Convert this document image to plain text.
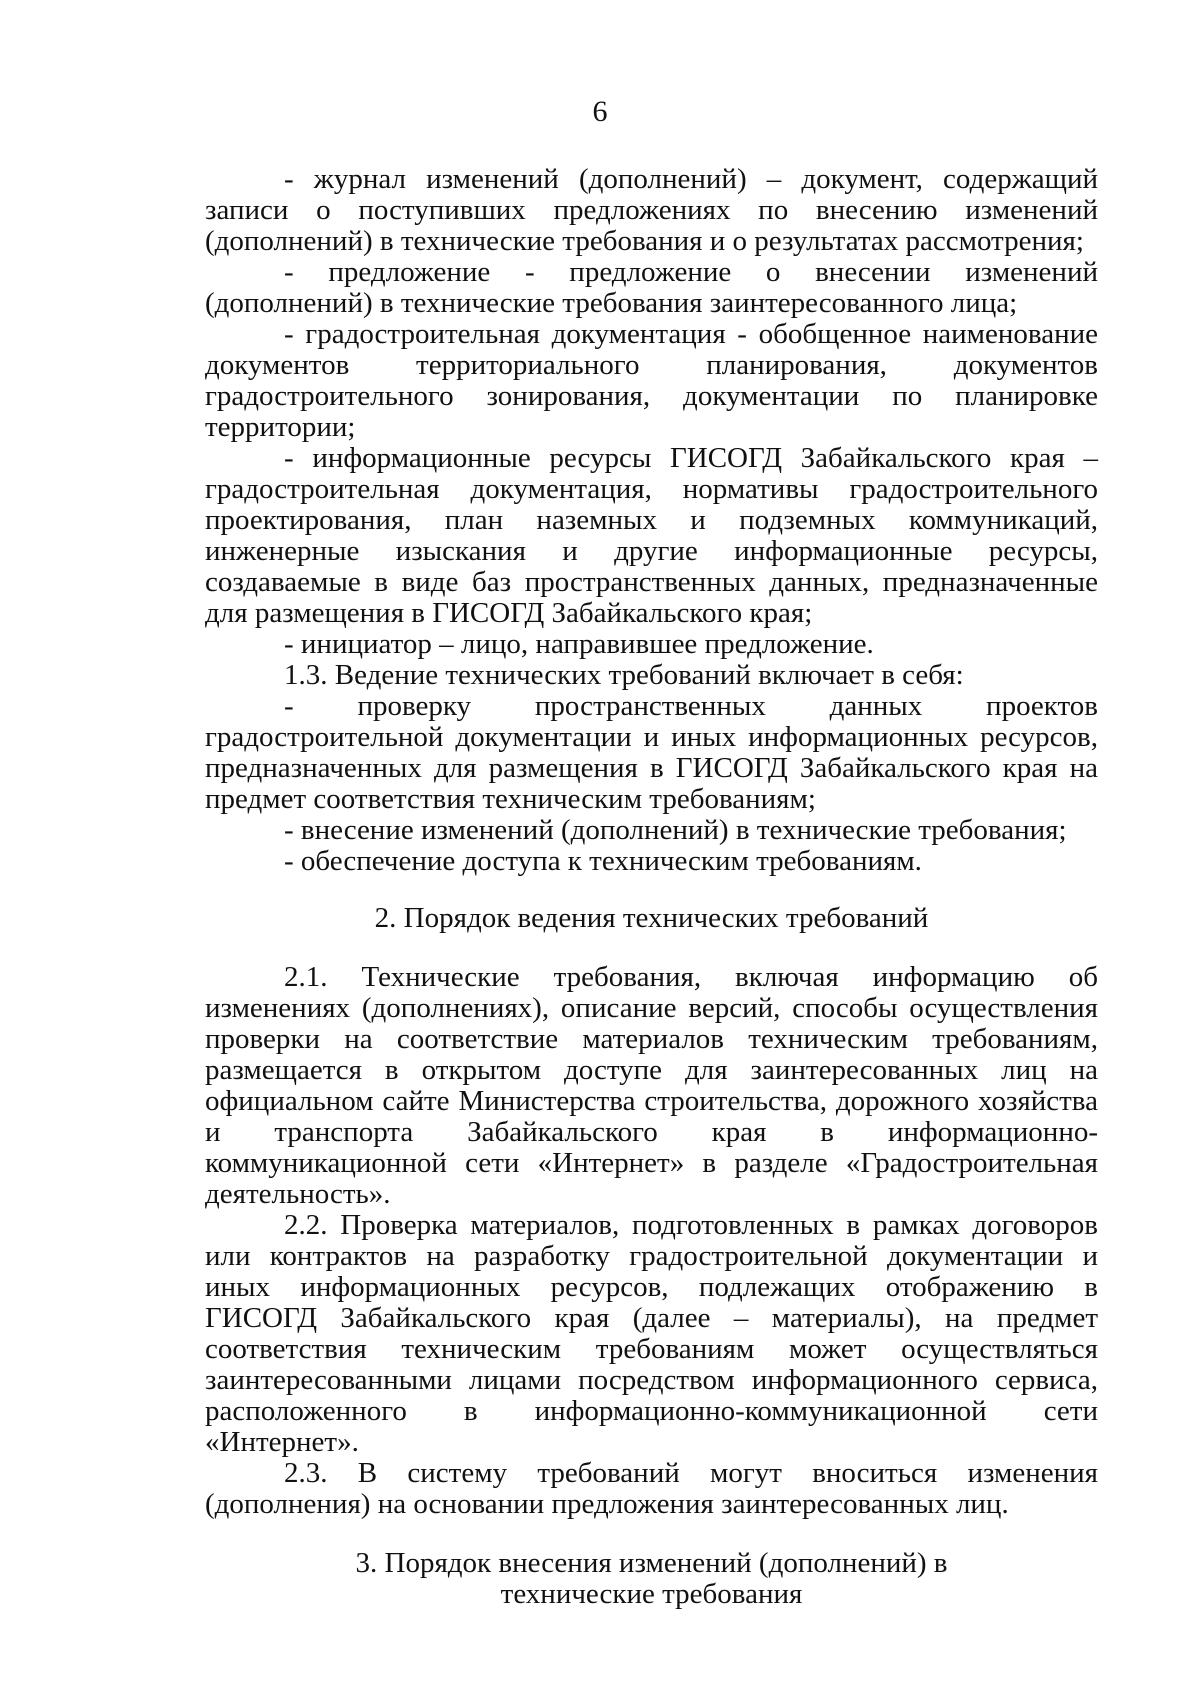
6

- журнал изменений (дополнений) – документ, содержащий записи о поступивших предложениях по внесению изменений (дополнений) в технические требования и о результатах рассмотрения;

- предложение - предложение о внесении изменений (дополнений) в технические требования заинтересованного лица;

- градостроительная документация - обобщенное наименование документов территориального планирования, документов градостроительного зонирования, документации по планировке территории;

- информационные ресурсы ГИСОГД Забайкальского края – градостроительная документация, нормативы градостроительного проектирования, план наземных и подземных коммуникаций, инженерные изыскания и другие информационные ресурсы, создаваемые в виде баз пространственных данных, предназначенные для размещения в ГИСОГД Забайкальского края;

- инициатор – лицо, направившее предложение.

1.3. Ведение технических требований включает в себя:

- проверку пространственных данных проектов градостроительной документации и иных информационных ресурсов, предназначенных для размещения в ГИСОГД Забайкальского края на предмет соответствия техническим требованиям;

- внесение изменений (дополнений) в технические требования;

- обеспечение доступа к техническим требованиям.

2. Порядок ведения технических требований

2.1. Технические требования, включая информацию об изменениях (дополнениях), описание версий, способы осуществления проверки на соответствие материалов техническим требованиям, размещается в открытом доступе для заинтересованных лиц на официальном сайте Министерства строительства, дорожного хозяйства и транспорта Забайкальского края в информационно-коммуникационной сети «Интернет» в разделе «Градостроительная деятельность».

2.2. Проверка материалов, подготовленных в рамках договоров или контрактов на разработку градостроительной документации и иных информационных ресурсов, подлежащих отображению в ГИСОГД Забайкальского края (далее – материалы), на предмет соответствия техническим требованиям может осуществляться заинтересованными лицами посредством информационного сервиса, расположенного в информационно-коммуникационной сети «Интернет».

2.3. В систему требований могут вноситься изменения (дополнения) на основании предложения заинтересованных лиц.

3. Порядок внесения изменений (дополнений) в технические требования
